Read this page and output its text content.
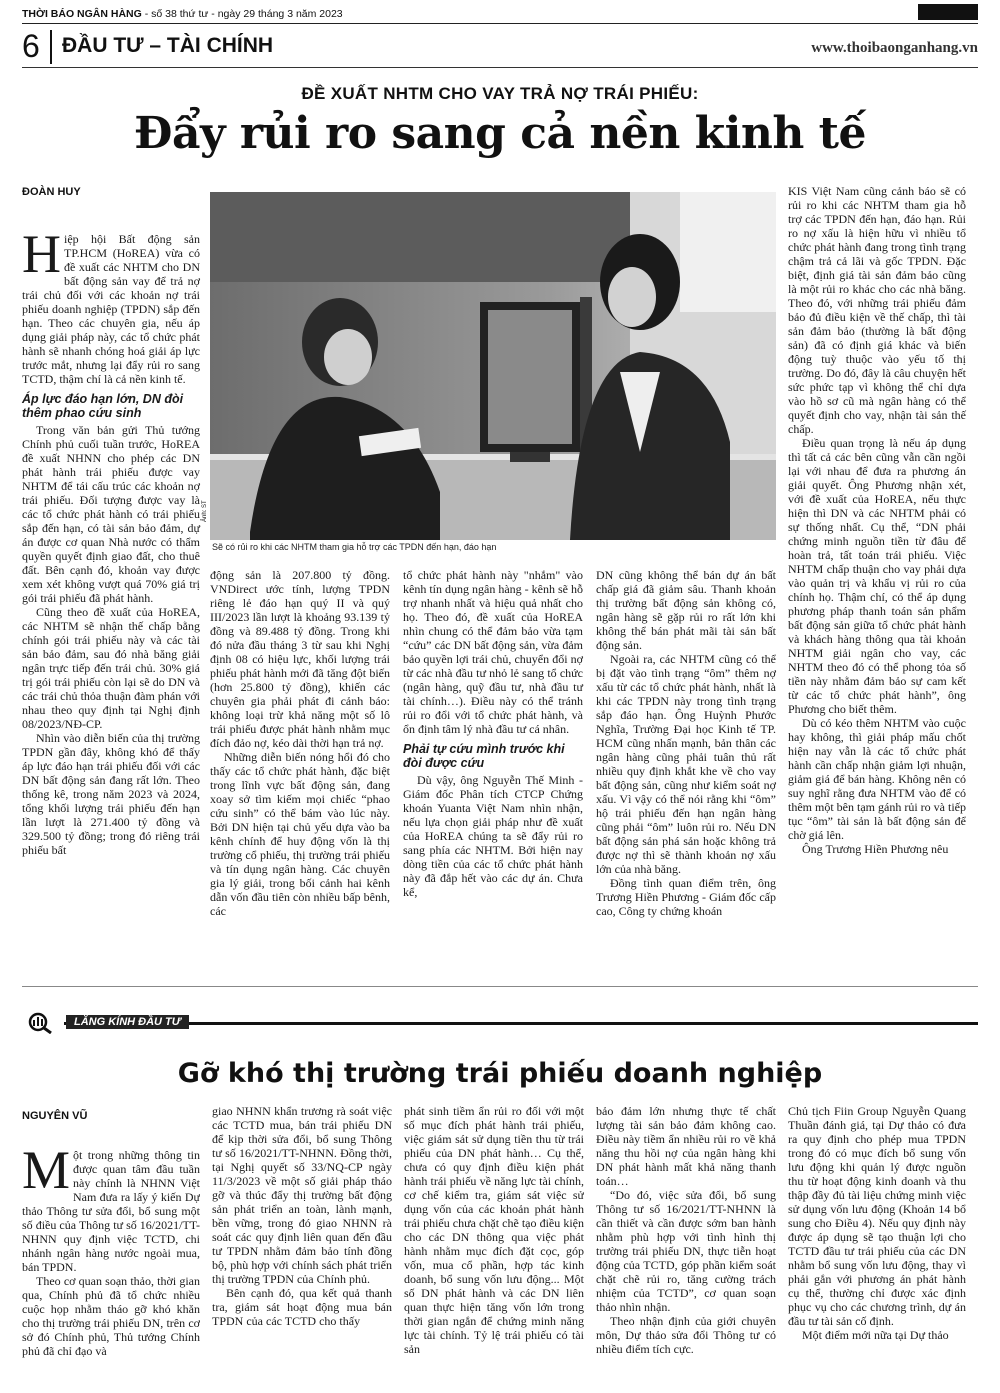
THỜI BÁO NGÂN HÀNG - số 38 thứ tư - ngày 29 tháng 3 năm 2023
6 ĐẦU TƯ – TÀI CHÍNH	www.thoibaonganhang.vn
ĐỀ XUẤT NHTM CHO VAY TRẢ NỢ TRÁI PHIẾU:
Đẩy rủi ro sang cả nền kinh tế
ĐOÀN HUY

Hiệp hội Bất động sản TP.HCM (HoREA) vừa có đề xuất các NHTM cho DN bất động sản vay để trả nợ trái chủ đối với các khoản nợ trái phiếu doanh nghiệp (TPDN) sắp đến hạn. Theo các chuyên gia, nếu áp dụng giải pháp này, các tổ chức phát hành sẽ nhanh chóng hoá giải áp lực trước mắt, nhưng lại đẩy rủi ro sang TCTD, thậm chí là cả nền kinh tế.

Áp lực đáo hạn lớn, DN đòi thêm phao cứu sinh

Trong văn bản gửi Thủ tướng Chính phủ cuối tuần trước, HoREA đề xuất NHNN cho phép các DN phát hành trái phiếu được vay NHTM để tái cấu trúc các khoản nợ trái phiếu. Đối tượng được vay là các tổ chức phát hành có trái phiếu sắp đến hạn, có tài sản bảo đảm, dự án được cơ quan Nhà nước có thẩm quyền quyết định giao đất, cho thuê đất. Bên cạnh đó, khoản vay được xem xét không vượt quá 70% giá trị gói trái phiếu đã phát hành.

Cũng theo đề xuất của HoREA, các NHTM sẽ nhận thế chấp bằng chính gói trái phiếu này và các tài sản bảo đảm, sau đó nhà băng giải ngân trực tiếp đến trái chủ. 30% giá trị gói trái phiếu còn lại sẽ do DN và các trái chủ thỏa thuận đàm phán với nhau theo quy định tại Nghị định 08/2023/NĐ-CP.

Nhìn vào diễn biến của thị trường TPDN gần đây, không khó để thấy áp lực đáo hạn trái phiếu đối với các DN bất động sản đang rất lớn. Theo thống kê, trong năm 2023 và 2024, tổng khối lượng trái phiếu đến hạn lần lượt là 271.400 tỷ đồng và 329.500 tỷ đồng; trong đó riêng trái phiếu bất

Ảnh: ST
Sẽ có rủi ro khi các NHTM tham gia hỗ trợ các TPDN đến hạn, đáo hạn

động sản là 207.800 tỷ đồng. VNDirect ước tính, lượng TPDN riêng lẻ đáo hạn quý II và quý III/2023 lần lượt là khoảng 93.139 tỷ đồng và 89.488 tỷ đồng. Trong khi đó nửa đầu tháng 3 từ sau khi Nghị định 08 có hiệu lực, khối lượng trái phiếu phát hành mới đã tăng đột biến (hơn 25.800 tỷ đồng), khiến các chuyên gia phải phát đi cảnh báo: không loại trừ khả năng một số lô trái phiếu được phát hành nhằm mục đích đảo nợ, kéo dài thời hạn trả nợ.

Những diễn biến nóng hổi đó cho thấy các tổ chức phát hành, đặc biệt trong lĩnh vực bất động sản, đang xoay sở tìm kiếm mọi chiếc “phao cứu sinh” có thể bám vào lúc này. Bởi DN hiện tại chủ yếu dựa vào ba kênh chính để huy động vốn là thị trường cổ phiếu, thị trường trái phiếu và tín dụng ngân hàng. Các chuyên gia lý giải, trong bối cảnh hai kênh dẫn vốn đầu tiên còn nhiều bấp bênh, các

tổ chức phát hành này "nhắm" vào kênh tín dụng ngân hàng - kênh sẽ hỗ trợ nhanh nhất và hiệu quả nhất cho họ. Theo đó, đề xuất của HoREA nhìn chung có thể đảm bảo vừa tạm “cứu” các DN bất động sản, vừa đảm bảo quyền lợi trái chủ, chuyển đổi nợ từ các nhà đầu tư nhỏ lẻ sang tổ chức (ngân hàng, quỹ đầu tư, nhà đầu tư tài chính…). Điều này có thể tránh rủi ro đổi với tổ chức phát hành, và ổn định tâm lý nhà đầu tư cá nhân.

Phải tự cứu mình trước khi đòi được cứu

Dù vậy, ông Nguyễn Thế Minh - Giám đốc Phân tích CTCP Chứng khoán Yuanta Việt Nam nhìn nhận, nếu lựa chọn giải pháp như đề xuất của HoREA chúng ta sẽ đẩy rủi ro sang phía các NHTM. Bởi hiện nay dòng tiền của các tổ chức phát hành này đã đắp hết vào các dự án. Chưa kể,

DN cũng không thể bán dự án bất chấp giá đã giảm sâu. Thanh khoản thị trường bất động sản không có, ngân hàng sẽ gặp rủi ro rất lớn khi không thể bán phát mãi tài sản bất động sản.

Ngoài ra, các NHTM cũng có thể bị đặt vào tình trạng “ôm” thêm nợ xấu từ các tổ chức phát hành, nhất là khi các TPDN này trong tình trạng sắp đáo hạn. Ông Huỳnh Phước Nghĩa, Trường Đại học Kinh tế TP. HCM cũng nhấn mạnh, bản thân các ngân hàng cũng phải tuân thủ rất nhiều quy định khắt khe về cho vay bất động sản, cũng như kiểm soát nợ xấu. Vì vậy có thể nói rằng khi “ôm” hộ trái phiếu đến hạn ngân hàng cũng phải “ôm” luôn rủi ro. Nếu DN bất động sản phá sản hoặc không trả được nợ thì sẽ thành khoản nợ xấu lớn của nhà băng.

Đồng tình quan điểm trên, ông Trương Hiền Phương - Giám đốc cấp cao, Công ty chứng khoán

KIS Việt Nam cũng cảnh báo sẽ có rủi ro khi các NHTM tham gia hỗ trợ các TPDN đến hạn, đáo hạn. Rủi ro nợ xấu là hiện hữu vì nhiều tổ chức phát hành đang trong tình trạng chậm trả cả lãi và gốc TPDN. Đặc biệt, định giá tài sản đảm bảo cũng là một rủi ro khác cho các nhà băng. Theo đó, với những trái phiếu đảm bảo đủ điều kiện về thế chấp, thì tài sản đảm bảo (thường là bất động sản) đã có định giá khác và biến động tuỳ thuộc vào yếu tố thị trường. Do đó, đây là câu chuyện hết sức phức tạp vì không thể chỉ dựa vào hồ sơ cũ mà ngân hàng có thể quyết định cho vay, nhận tài sản thế chấp.

Điều quan trọng là nếu áp dụng thì tất cả các bên cũng vẫn cần ngồi lại với nhau để đưa ra phương án giải quyết. Ông Phương nhận xét, với đề xuất của HoREA, nếu thực hiện thì DN và các NHTM phải có sự thống nhất. Cụ thể, “DN phải chứng minh nguồn tiền từ đâu để hoàn trả, tất toán trái phiếu. Việc NHTM chấp thuận cho vay phải dựa vào quản trị và khẩu vị rủi ro của chính họ. Thậm chí, có thể áp dụng phương pháp thanh toán sản phẩm bất động sản giữa tổ chức phát hành và khách hàng thông qua tài khoản NHTM giải ngân cho vay, các NHTM theo đó có thể phong tỏa số tiền này nhằm đảm bảo sự cam kết từ các tổ chức phát hành”, ông Phương cho biết thêm.

Dù có kéo thêm NHTM vào cuộc hay không, thì giải pháp mấu chốt hiện nay vẫn là các tổ chức phát hành cần chấp nhận giảm lợi nhuận, giảm giá để bán hàng. Không nên có suy nghĩ rằng đưa NHTM vào để có thêm một bên tạm gánh rủi ro và tiếp tục “ôm” tài sản là bất động sản để chờ giá lên.

Ông Trương Hiền Phương nêu

LĂNG KÍNH ĐẦU TƯ
Gỡ khó thị trường trái phiếu doanh nghiệp
NGUYÊN VŨ

Một trong những thông tin được quan tâm đầu tuần này chính là NHNN Việt Nam đưa ra lấy ý kiến Dự thảo Thông tư sửa đổi, bổ sung một số điều của Thông tư số 16/2021/TT-NHNN quy định việc TCTD, chi nhánh ngân hàng nước ngoài mua, bán TPDN.

Theo cơ quan soạn thảo, thời gian qua, Chính phủ đã tổ chức nhiều cuộc họp nhằm tháo gỡ khó khăn cho thị trường trái phiếu DN, trên cơ sở đó Chính phủ, Thủ tướng Chính phủ đã chỉ đạo và

giao NHNN khẩn trương rà soát việc các TCTD mua, bán trái phiếu DN để kịp thời sửa đổi, bổ sung Thông tư số 16/2021/TT-NHNN. Đồng thời, tại Nghị quyết số 33/NQ-CP ngày 11/3/2023 về một số giải pháp tháo gỡ và thúc đẩy thị trường bất động sản phát triển an toàn, lành mạnh, bền vững, trong đó giao NHNN rà soát các quy định liên quan đến đầu tư TPDN nhằm đảm bảo tính đồng bộ, phù hợp với chính sách phát triển thị trường TPDN của Chính phủ.

Bên cạnh đó, qua kết quả thanh tra, giám sát hoạt động mua bán TPDN của các TCTD cho thấy

phát sinh tiềm ẩn rủi ro đối với một số mục đích phát hành trái phiếu, việc giám sát sử dụng tiền thu từ trái phiếu của DN phát hành… Cụ thể, chưa có quy định điều kiện phát hành trái phiếu về năng lực tài chính, cơ chế kiểm tra, giám sát việc sử dụng vốn của các khoản phát hành trái phiếu chưa chặt chẽ tạo điều kiện cho các DN thông qua việc phát hành nhằm mục đích đặt cọc, góp vốn, mua cổ phần, hợp tác kinh doanh, bổ sung vốn lưu động... Một số DN phát hành và các DN liên quan thực hiện tăng vốn lớn trong thời gian ngắn để chứng minh năng lực tài chính. Tỷ lệ trái phiếu có tài sản

bảo đảm lớn nhưng thực tế chất lượng tài sản bảo đảm không cao. Điều này tiềm ẩn nhiều rủi ro về khả năng thu hồi nợ của ngân hàng khi DN phát hành mất khả năng thanh toán…

“Do đó, việc sửa đổi, bổ sung Thông tư số 16/2021/TT-NHNN là cần thiết và cần được sớm ban hành nhằm phù hợp với tình hình thị trường trái phiếu DN, thực tiễn hoạt động của TCTD, góp phần kiểm soát chặt chẽ rủi ro, tăng cường trách nhiệm của TCTD”, cơ quan soạn thảo nhìn nhận.

Theo nhận định của giới chuyên môn, Dự thảo sửa đổi Thông tư có nhiều điểm tích cực.

Chủ tịch Fiin Group Nguyễn Quang Thuần đánh giá, tại Dự thảo có đưa ra quy định cho phép mua TPDN trong đó có mục đích bổ sung vốn lưu động khi quản lý được nguồn thu từ hoạt động kinh doanh và thu thập đầy đủ tài liệu chứng minh việc sử dụng vốn lưu động (Khoản 14 bổ sung cho Điều 4). Nếu quy định này được áp dụng sẽ tạo thuận lợi cho TCTD đầu tư trái phiếu của các DN nhằm bổ sung vốn lưu động, thay vì phải gắn với phương án phát hành cụ thể, thường chỉ được xác định phục vụ cho các chương trình, dự án đầu tư tài sản cố định.

Một điểm mới nữa tại Dự thảo
